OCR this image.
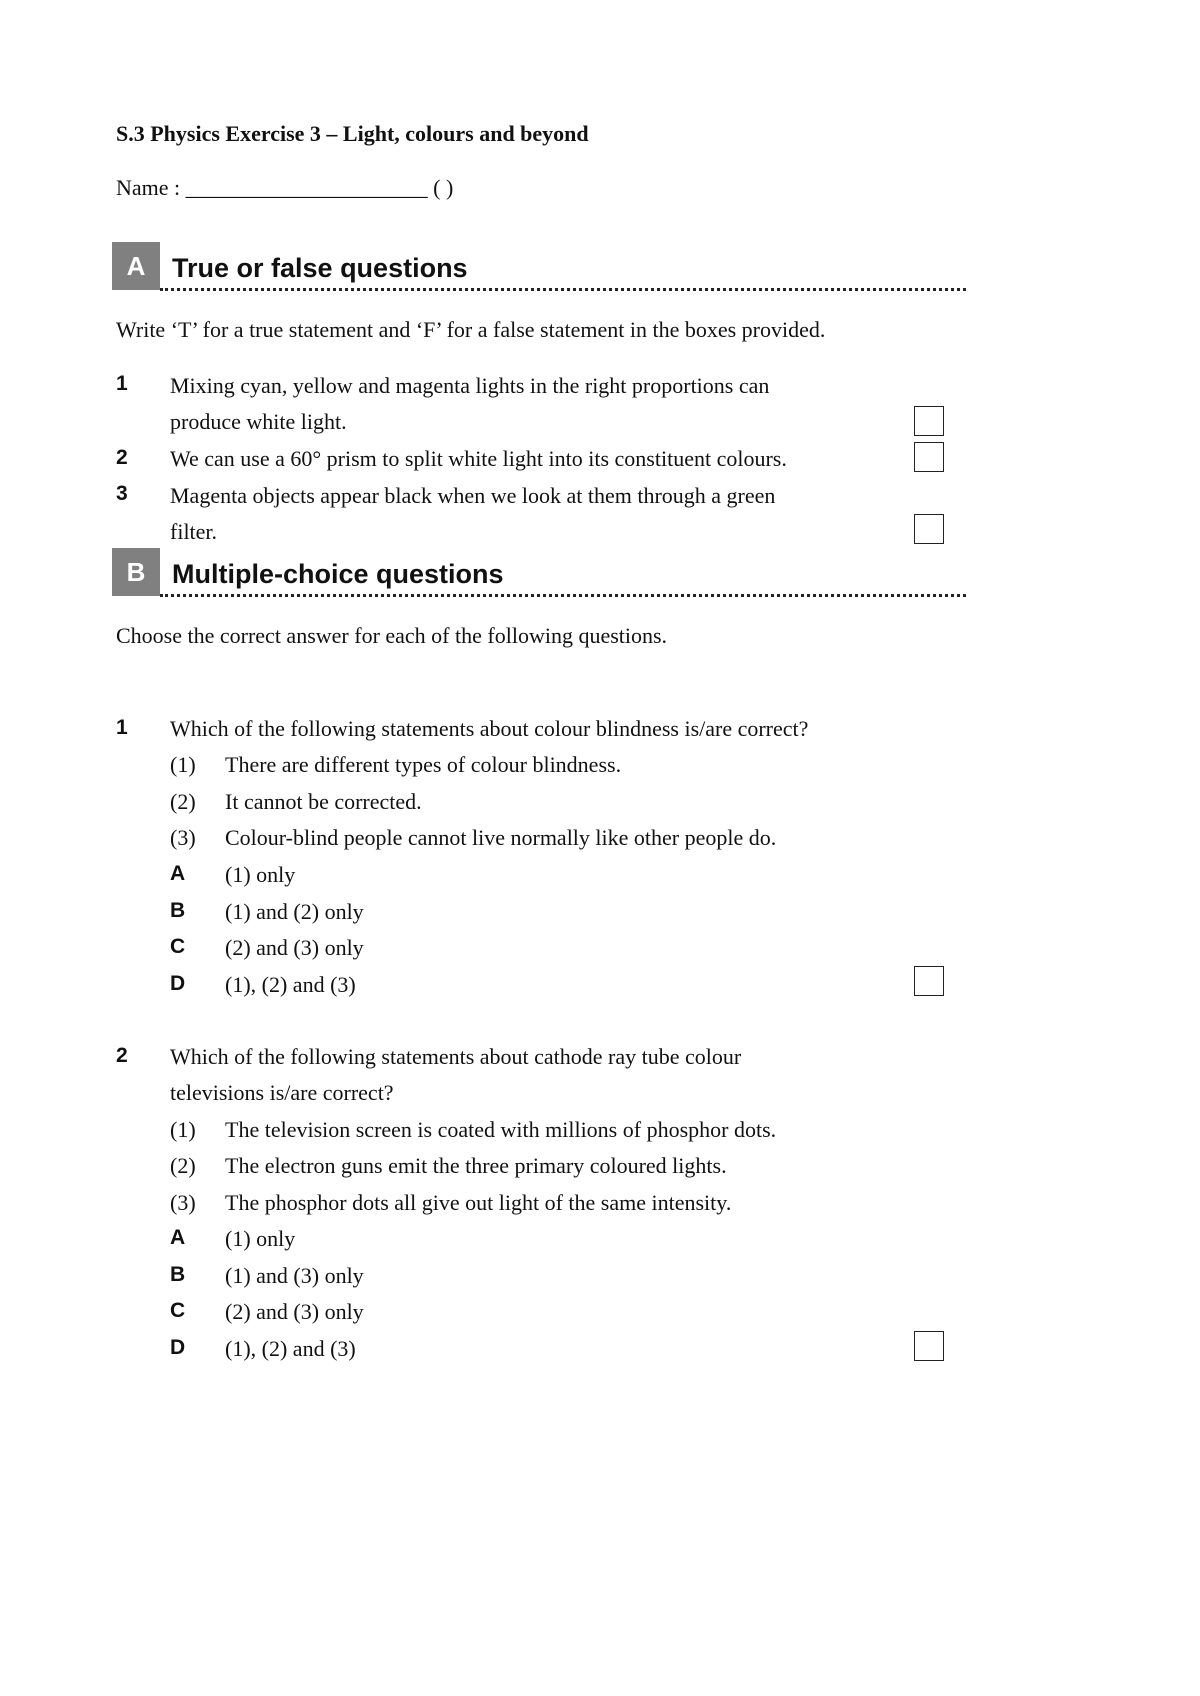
S.3 Physics Exercise 3 – Light, colours and beyond
Name : ______________________ ( )
A True or false questions
Write ‘T’ for a true statement and ‘F’ for a false statement in the boxes provided.
1 Mixing cyan, yellow and magenta lights in the right proportions can
produce white light.
2 We can use a 60° prism to split white light into its constituent colours.
3 Magenta objects appear black when we look at them through a green
filter.
B Multiple-choice questions
Choose the correct answer for each of the following questions.
1 Which of the following statements about colour blindness is/are correct?
(1) There are different types of colour blindness.
(2) It cannot be corrected.
(3) Colour-blind people cannot live normally like other people do.
A (1) only
B (1) and (2) only
C (2) and (3) only
D (1), (2) and (3)
2 Which of the following statements about cathode ray tube colour
televisions is/are correct?
(1) The television screen is coated with millions of phosphor dots.
(2) The electron guns emit the three primary coloured lights.
(3) The phosphor dots all give out light of the same intensity.
A (1) only
B (1) and (3) only
C (2) and (3) only
D (1), (2) and (3)
